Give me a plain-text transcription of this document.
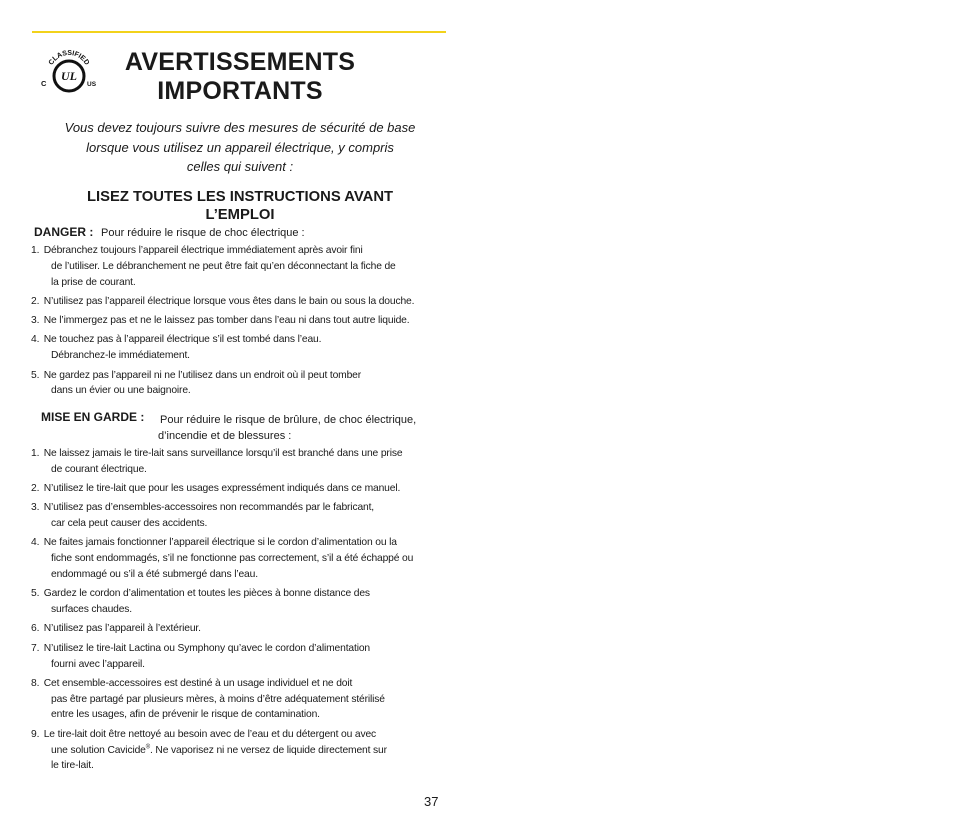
CLASSIFIED
UL
C	US
AVERTISSEMENTS
IMPORTANTS
Vous devez toujours suivre des mesures de sécurité de base
lorsque vous utilisez un appareil électrique, y compris
celles qui suivent :
LISEZ TOUTES LES INSTRUCTIONS AVANT
L’EMPLOI
DANGER : Pour réduire le risque de choc électrique :
1. Débranchez toujours l’appareil électrique immédiatement après avoir fini
de l’utiliser. Le débranchement ne peut être fait qu’en déconnectant la fiche de
la prise de courant.
2. N’utilisez pas l’appareil électrique lorsque vous êtes dans le bain ou sous la douche.
3. Ne l’immergez pas et ne le laissez pas tomber dans l’eau ni dans tout autre liquide.
4. Ne touchez pas à l’appareil électrique s’il est tombé dans l’eau.
Débranchez-le immédiatement.
5. Ne gardez pas l’appareil ni ne l’utilisez dans un endroit où il peut tomber
dans un évier ou une baignoire.
MISE EN GARDE : Pour réduire le risque de brûlure, de choc électrique,
d’incendie et de blessures :
1. Ne laissez jamais le tire-lait sans surveillance lorsqu’il est branché dans une prise
de courant électrique.
2. N’utilisez le tire-lait que pour les usages expressément indiqués dans ce manuel.
3. N’utilisez pas d’ensembles-accessoires non recommandés par le fabricant,
car cela peut causer des accidents.
4. Ne faites jamais fonctionner l’appareil électrique si le cordon d’alimentation ou la
fiche sont endommagés, s’il ne fonctionne pas correctement, s’il a été échappé ou
endommagé ou s’il a été submergé dans l’eau.
5. Gardez le cordon d’alimentation et toutes les pièces à bonne distance des
surfaces chaudes.
6. N’utilisez pas l’appareil à l’extérieur.
7. N’utilisez le tire-lait Lactina ou Symphony qu’avec le cordon d’alimentation
fourni avec l’appareil.
8. Cet ensemble-accessoires est destiné à un usage individuel et ne doit
pas être partagé par plusieurs mères, à moins d’être adéquatement stérilisé
entre les usages, afin de prévenir le risque de contamination.
9. Le tire-lait doit être nettoyé au besoin avec de l’eau et du détergent ou avec
une solution Cavicide®. Ne vaporisez ni ne versez de liquide directement sur
le tire-lait.
37
